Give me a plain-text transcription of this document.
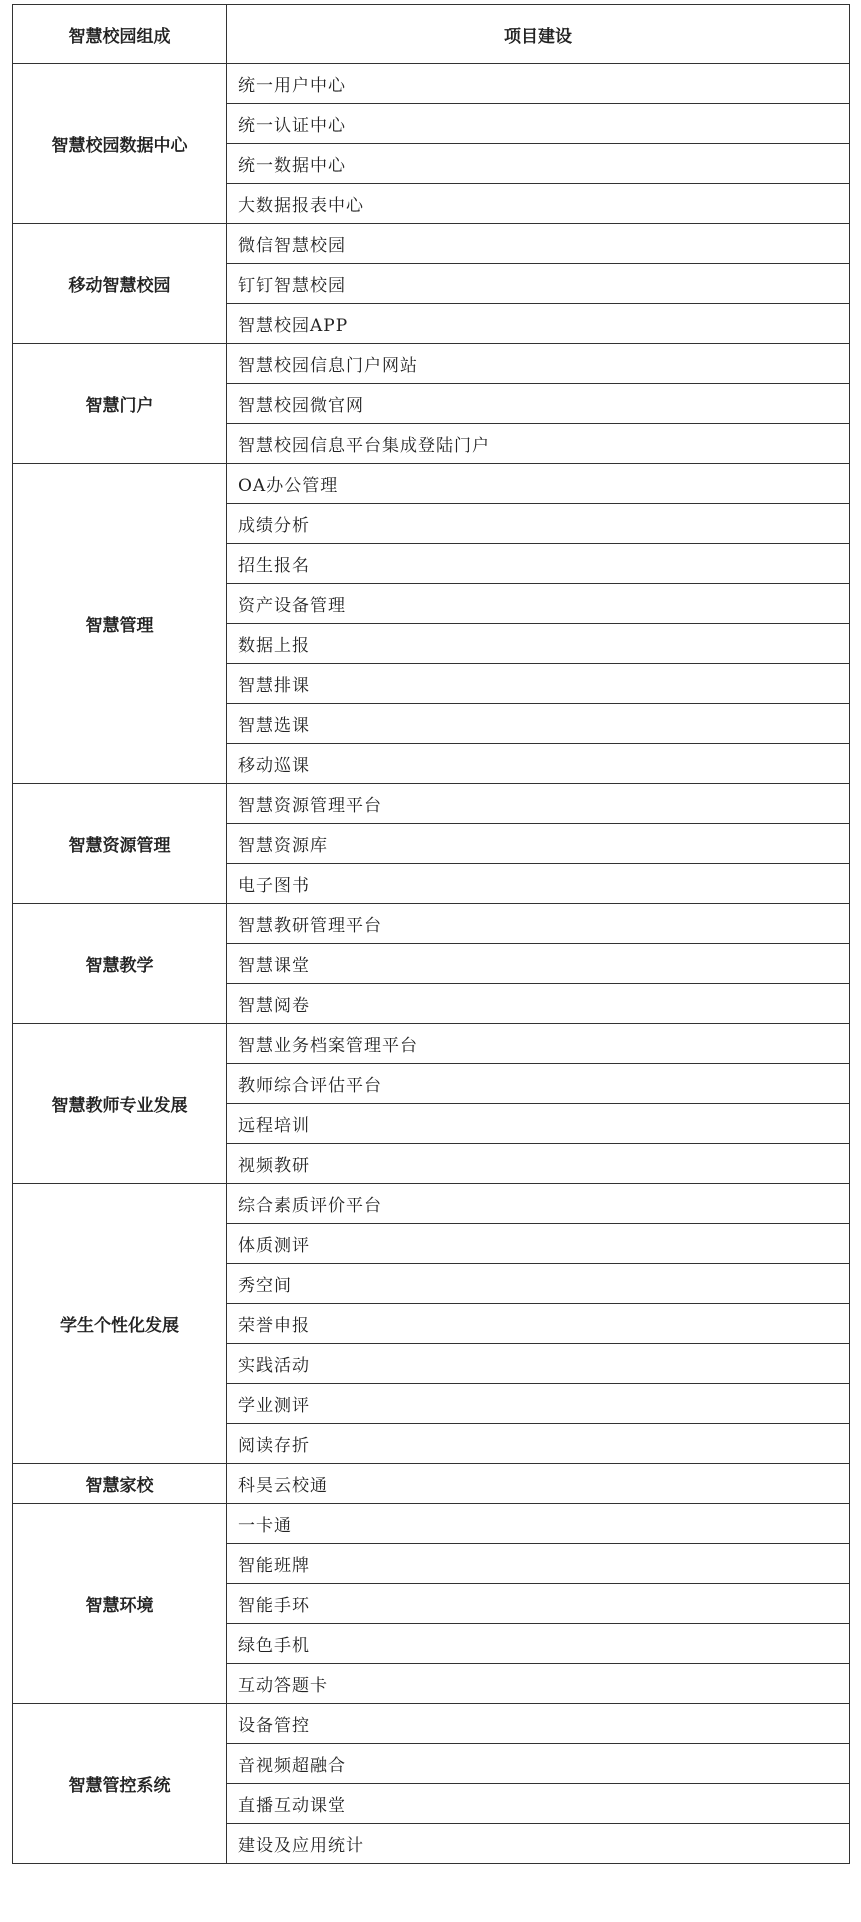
智慧校园组成	项目建设
智慧校园数据中心	统一用户中心
	统一认证中心
	统一数据中心
	大数据报表中心
移动智慧校园	微信智慧校园
	钉钉智慧校园
	智慧校园APP
智慧门户	智慧校园信息门户网站
	智慧校园微官网
	智慧校园信息平台集成登陆门户
智慧管理	OA办公管理
	成绩分析
	招生报名
	资产设备管理
	数据上报
	智慧排课
	智慧选课
	移动巡课
智慧资源管理	智慧资源管理平台
	智慧资源库
	电子图书
智慧教学	智慧教研管理平台
	智慧课堂
	智慧阅卷
智慧教师专业发展	智慧业务档案管理平台
	教师综合评估平台
	远程培训
	视频教研
学生个性化发展	综合素质评价平台
	体质测评
	秀空间
	荣誉申报
	实践活动
	学业测评
	阅读存折
智慧家校	科昊云校通
智慧环境	一卡通
	智能班牌
	智能手环
	绿色手机
	互动答题卡
智慧管控系统	设备管控
	音视频超融合
	直播互动课堂
	建设及应用统计
